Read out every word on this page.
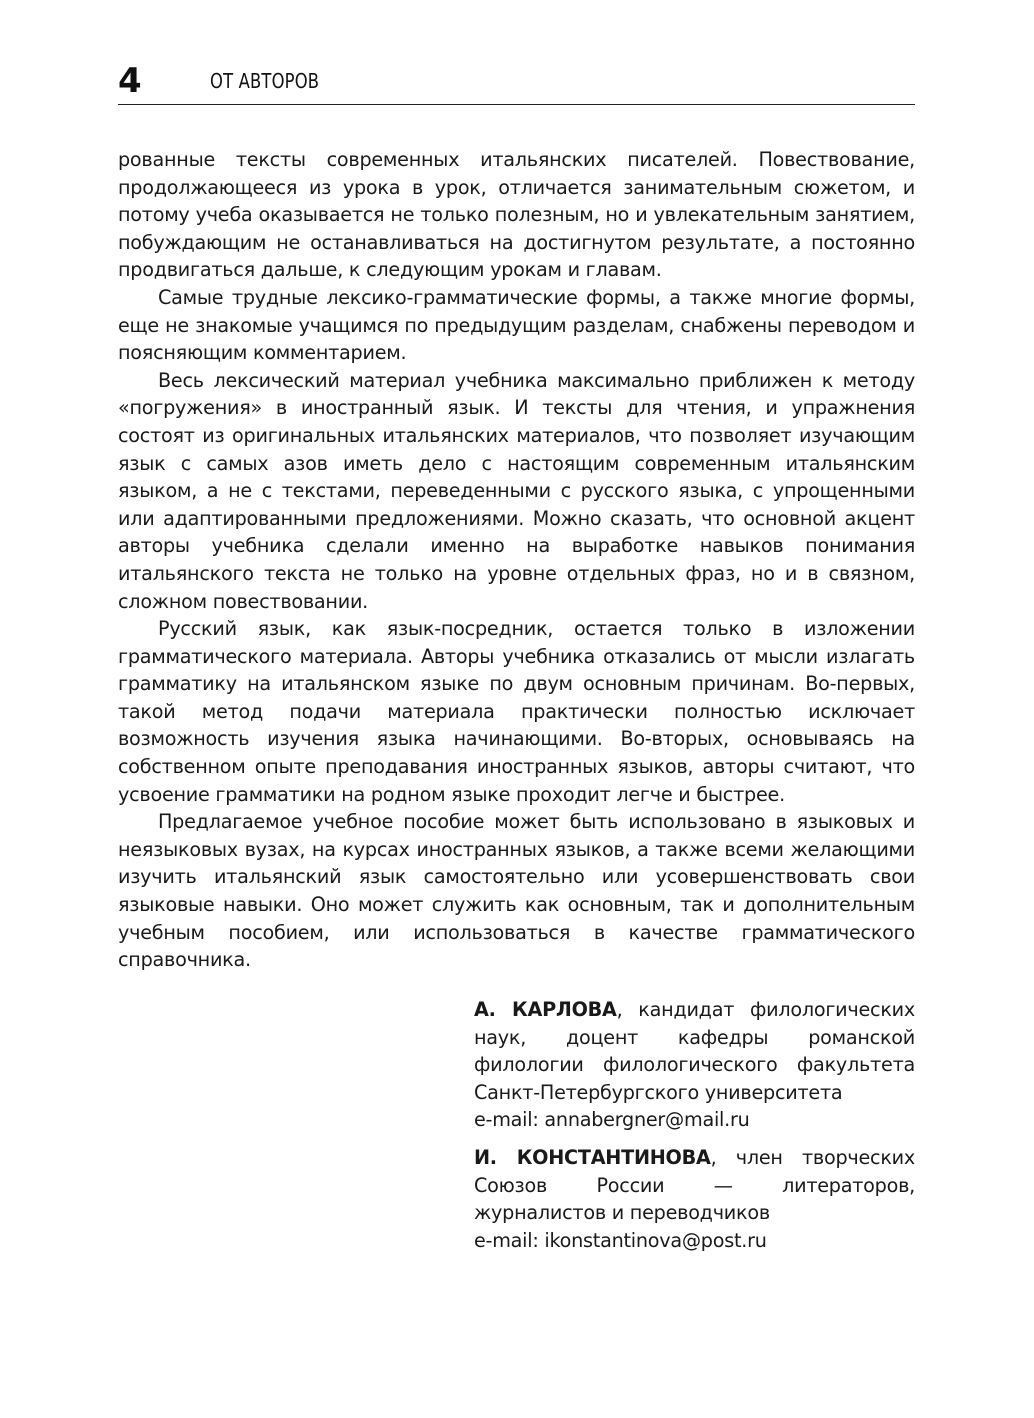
4	ОТ АВТОРОВ

рованные тексты современных итальянских писателей. Повествование, продолжающееся из урока в урок, отличается занимательным сюжетом, и потому учеба оказывается не только полезным, но и увлекательным занятием, побуждающим не останавливаться на достигнутом результате, а постоянно продвигаться дальше, к следующим урокам и главам.

Самые трудные лексико-грамматические формы, а также многие формы, еще не знакомые учащимся по предыдущим разделам, снабжены переводом и поясняющим комментарием.

Весь лексический материал учебника максимально приближен к методу «погружения» в иностранный язык. И тексты для чтения, и упражнения состоят из оригинальных итальянских материалов, что позволяет изучающим язык с самых азов иметь дело с настоящим современным итальянским языком, а не с текстами, переведенными с русского языка, с упрощенными или адаптированными предложениями. Можно сказать, что основной акцент авторы учебника сделали именно на выработке навыков понимания итальянского текста не только на уровне отдельных фраз, но и в связном, сложном повествовании.

Русский язык, как язык-посредник, остается только в изложении грамматического материала. Авторы учебника отказались от мысли излагать грамматику на итальянском языке по двум основным причинам. Во-первых, такой метод подачи материала практически полностью исключает возможность изучения языка начинающими. Во-вторых, основываясь на собственном опыте преподавания иностранных языков, авторы считают, что усвоение грамматики на родном языке проходит легче и быстрее.

Предлагаемое учебное пособие может быть использовано в языковых и неязыковых вузах, на курсах иностранных языков, а также всеми желающими изучить итальянский язык самостоятельно или усовершенствовать свои языковые навыки. Оно может служить как основным, так и дополнительным учебным пособием, или использоваться в качестве грамматического справочника.

А. КАРЛОВА, кандидат филологических наук, доцент кафедры романской филологии филологического факультета Санкт-Петербургского университета
e-mail: annabergner@mail.ru
И. КОНСТАНТИНОВА, член творческих Союзов России — литераторов, журналистов и переводчиков
e-mail: ikonstantinova@post.ru
